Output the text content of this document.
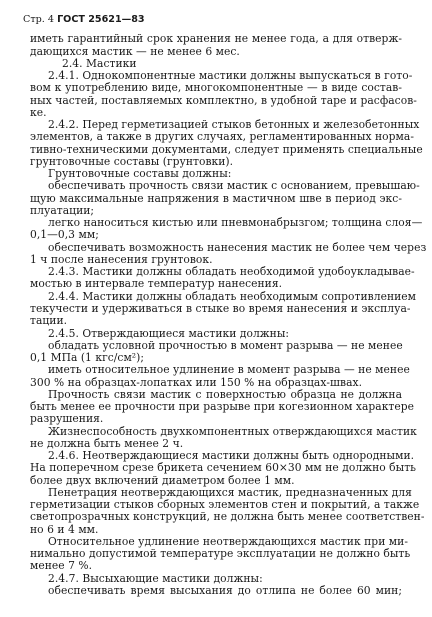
Стр. 4 ГОСТ 25621—83
иметь гарантийный срок хранения не менее года, а для отверж-
дающихся мастик — не менее 6 мес.
2.4. Мастики
2.4.1. Однокомпонентные мастики должны выпускаться в гото-
вом к употреблению виде, многокомпонентные — в виде состав-
ных частей, поставляемых комплектно, в удобной таре и расфасов-
ке.
2.4.2. Перед герметизацией стыков бетонных и железобетонных
элементов, а также в других случаях, регламентированных норма-
тивно-техническими документами, следует применять специальные
грунтовочные составы (грунтовки).
Грунтовочные составы должны:
обеспечивать прочность связи мастик с основанием, превышаю-
щую максимальные напряжения в мастичном шве в период экс-
плуатации;
легко наноситься кистью или пневмонабрызгом; толщина слоя—
0,1—0,3 мм;
обеспечивать возможность нанесения мастик не более чем через
1 ч после нанесения грунтовок.
2.4.3. Мастики должны обладать необходимой удобоукладывае-
мостью в интервале температур нанесения.
2.4.4. Мастики должны обладать необходимым сопротивлением
текучести и удерживаться в стыке во время нанесения и эксплуа-
тации.
2.4.5. Отверждающиеся мастики должны:
обладать условной прочностью в момент разрыва — не менее
0,1 МПа (1 кгс/см²);
иметь относительное удлинение в момент разрыва — не менее
300 % на образцах-лопатках или 150 % на образцах-швах.
Прочность связи мастик с поверхностью образца не должна
быть менее ее прочности при разрыве при когезионном характере
разрушения.
Жизнеспособность двухкомпонентных отверждающихся мастик
не должна быть менее 2 ч.
2.4.6. Неотверждающиеся мастики должны быть однородными.
На поперечном срезе брикета сечением 60×30 мм не должно быть
более двух включений диаметром более 1 мм.
Пенетрация неотверждающихся мастик, предназначенных для
герметизации стыков сборных элементов стен и покрытий, а также
светопрозрачных конструкций, не должна быть менее соответствен-
но 6 и 4 мм.
Относительное удлинение неотверждающихся мастик при ми-
нимально допустимой температуре эксплуатации не должно быть
менее 7 %.
2.4.7. Высыхающие мастики должны:
обеспечивать время высыхания до отлипа не более 60 мин;
